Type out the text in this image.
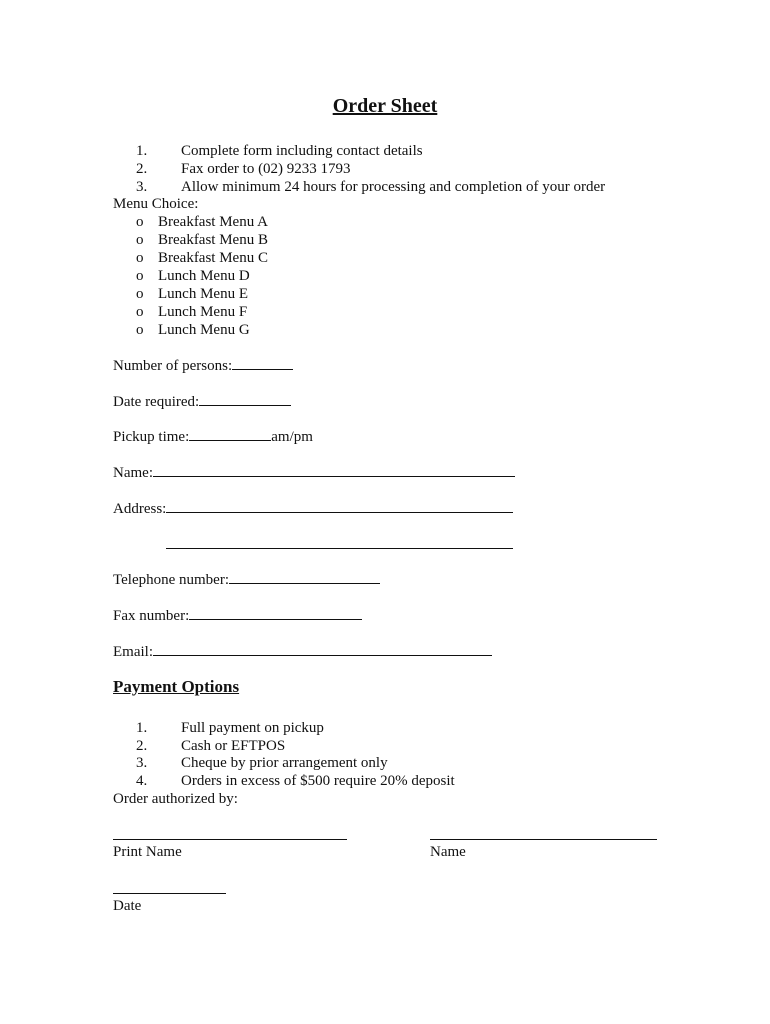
Order Sheet
1. Complete form including contact details
2. Fax order to (02) 9233 1793
3. Allow minimum 24 hours for processing and completion of your order
Menu Choice:
o Breakfast Menu A
o Breakfast Menu B
o Breakfast Menu C
o Lunch Menu D
o Lunch Menu E
o Lunch Menu F
o Lunch Menu G
Number of persons:
Date required:
Pickup time:	am/pm
Name:
Address:
Telephone number:
Fax number:
Email:
Payment Options
1. Full payment on pickup
2. Cash or EFTPOS
3. Cheque by prior arrangement only
4. Orders in excess of $500 require 20% deposit
Order authorized by:
Print Name	Name
Date
